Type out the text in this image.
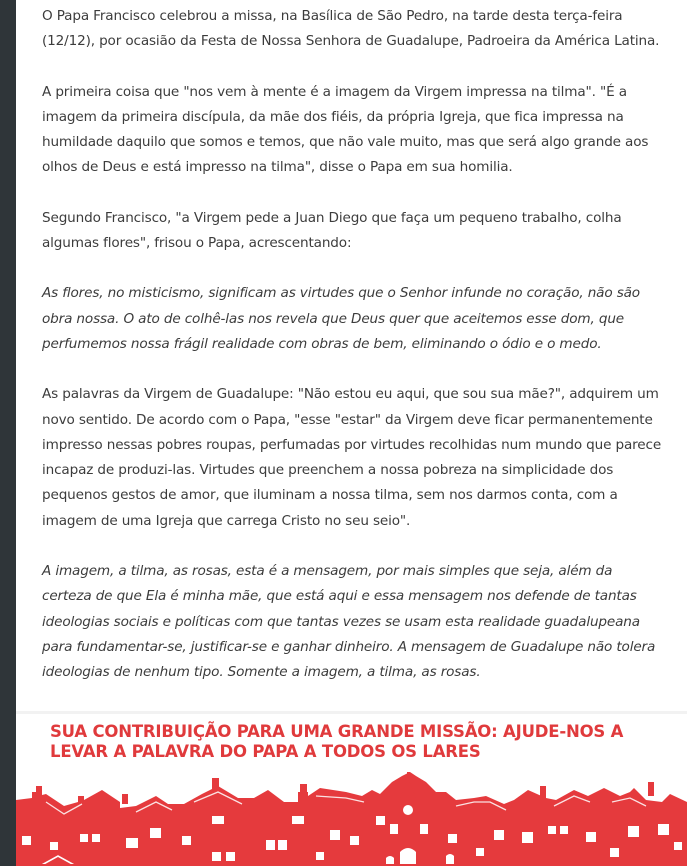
O Papa Francisco celebrou a missa, na Basílica de São Pedro, na tarde desta terça-feira (12/12), por ocasião da Festa de Nossa Senhora de Guadalupe, Padroeira da América Latina.

A primeira coisa que "nos vem à mente é a imagem da Virgem impressa na tilma". "É a imagem da primeira discípula, da mãe dos fiéis, da própria Igreja, que fica impressa na humildade daquilo que somos e temos, que não vale muito, mas que será algo grande aos olhos de Deus e está impresso na tilma", disse o Papa em sua homilia.

Segundo Francisco, "a Virgem pede a Juan Diego que faça um pequeno trabalho, colha algumas flores", frisou o Papa, acrescentando:

As flores, no misticismo, significam as virtudes que o Senhor infunde no coração, não são obra nossa. O ato de colhê-las nos revela que Deus quer que aceitemos esse dom, que perfumemos nossa frágil realidade com obras de bem, eliminando o ódio e o medo.

As palavras da Virgem de Guadalupe: "Não estou eu aqui, que sou sua mãe?", adquirem um novo sentido. De acordo com o Papa, "esse "estar" da Virgem deve ficar permanentemente impresso nessas pobres roupas, perfumadas por virtudes recolhidas num mundo que parece incapaz de produzi-las. Virtudes que preenchem a nossa pobreza na simplicidade dos pequenos gestos de amor, que iluminam a nossa tilma, sem nos darmos conta, com a imagem de uma Igreja que carrega Cristo no seu seio".

A imagem, a tilma, as rosas, esta é a mensagem, por mais simples que seja, além da certeza de que Ela é minha mãe, que está aqui e essa mensagem nos defende de tantas ideologias sociais e políticas com que tantas vezes se usam esta realidade guadalupeana para fundamentar-se, justificar-se e ganhar dinheiro. A mensagem de Guadalupe não tolera ideologias de nenhum tipo. Somente a imagem, a tilma, as rosas.

SUA CONTRIBUIÇÃO PARA UMA GRANDE MISSÃO: AJUDE-NOS A LEVAR A PALAVRA DO PAPA A TODOS OS LARES
